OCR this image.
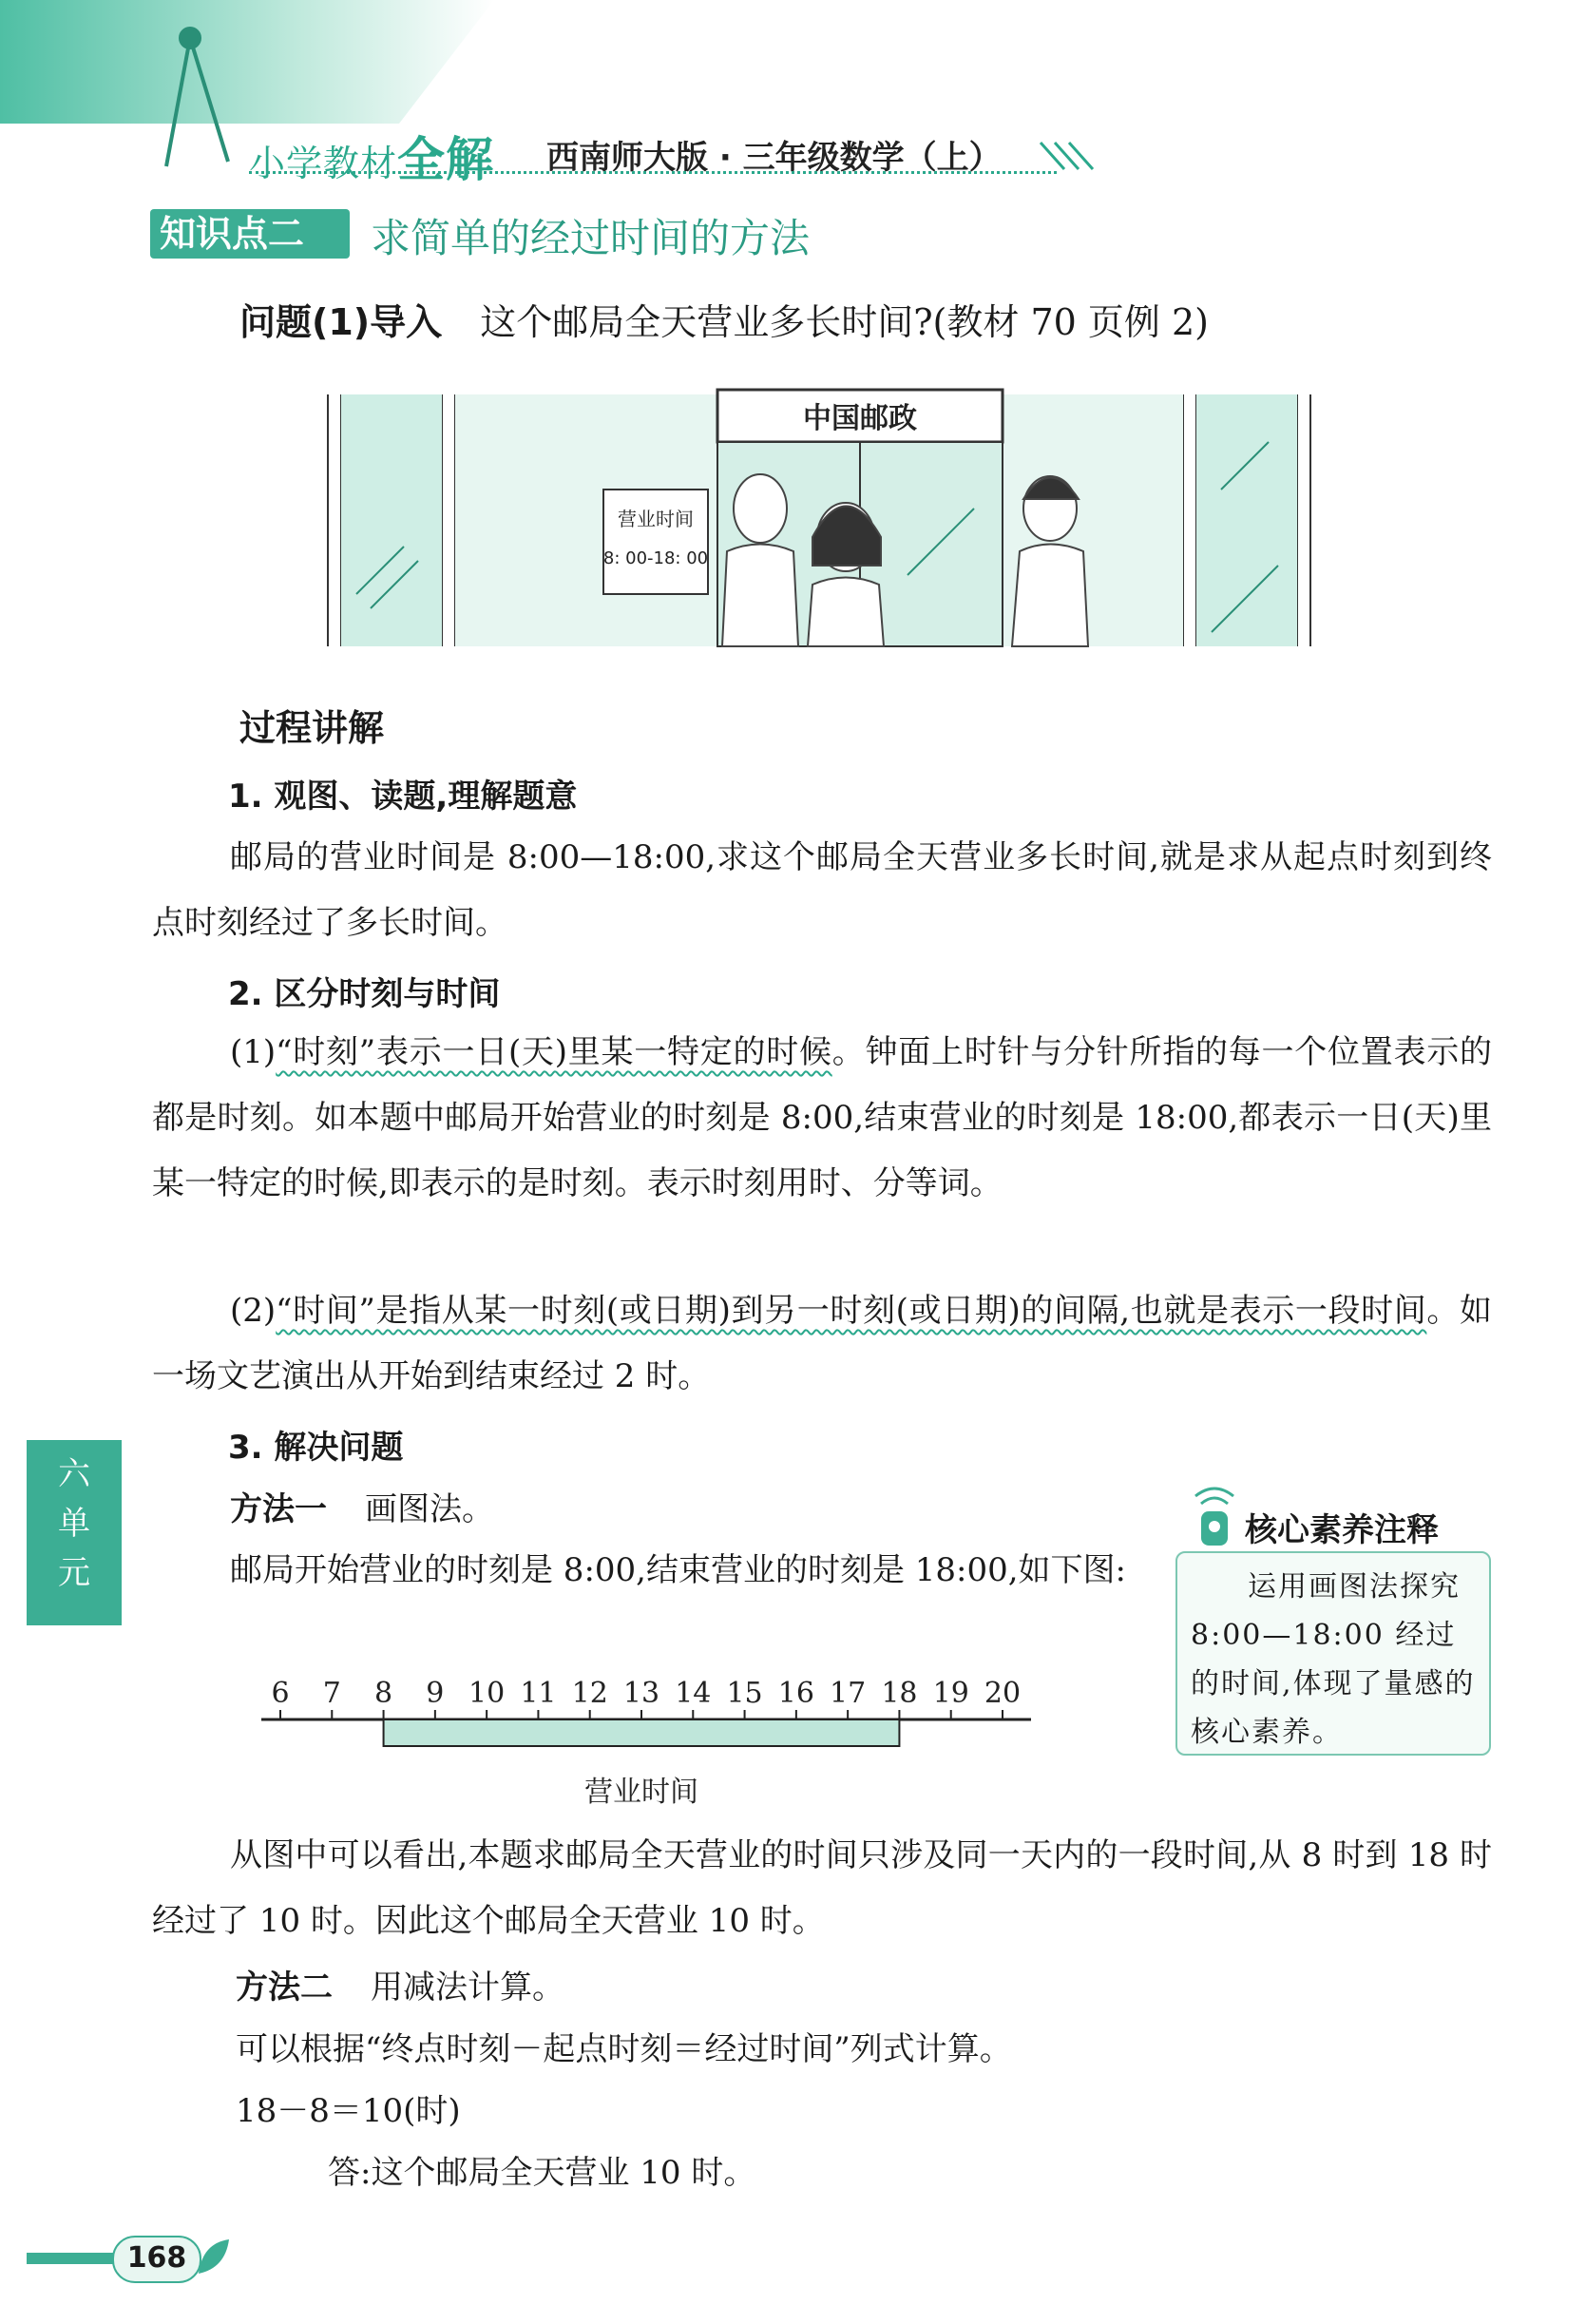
小学教材全解 西南师大版 · 三年级数学（上）
知识点二	求简单的经过时间的方法
问题(1)导入 这个邮局全天营业多长时间?(教材 70 页例 2)
中国邮政
营业时间
8: 00-18: 00
过程讲解
1. 观图、读题,理解题意
邮局的营业时间是 8:00—18:00,求这个邮局全天营业多长时间,就是求从起点时刻到终点时刻经过了多长时间。
2. 区分时刻与时间
(1)“时刻”表示一日(天)里某一特定的时候。钟面上时针与分针所指的每一个位置表示的都是时刻。如本题中邮局开始营业的时刻是 8:00,结束营业的时刻是 18:00,都表示一日(天)里某一特定的时候,即表示的是时刻。表示时刻用时、分等词。
(2)“时间”是指从某一时刻(或日期)到另一时刻(或日期)的间隔,也就是表示一段时间。如一场文艺演出从开始到结束经过 2 时。
3. 解决问题
方法一 画图法。
邮局开始营业的时刻是 8:00,结束营业的时刻是 18:00,如下图:
6 7 8 9 10 11 12 13 14 15 16 17 18 19 20
营业时间
从图中可以看出,本题求邮局全天营业的时间只涉及同一天内的一段时间,从 8 时到 18 时经过了 10 时。因此这个邮局全天营业 10 时。
方法二 用减法计算。
可以根据“终点时刻－起点时刻＝经过时间”列式计算。
18－8＝10(时)
答:这个邮局全天营业 10 时。
六
单
元
核心素养注释
运用画图法探究 8:00—18:00 经过的时间,体现了量感的核心素养。
168
